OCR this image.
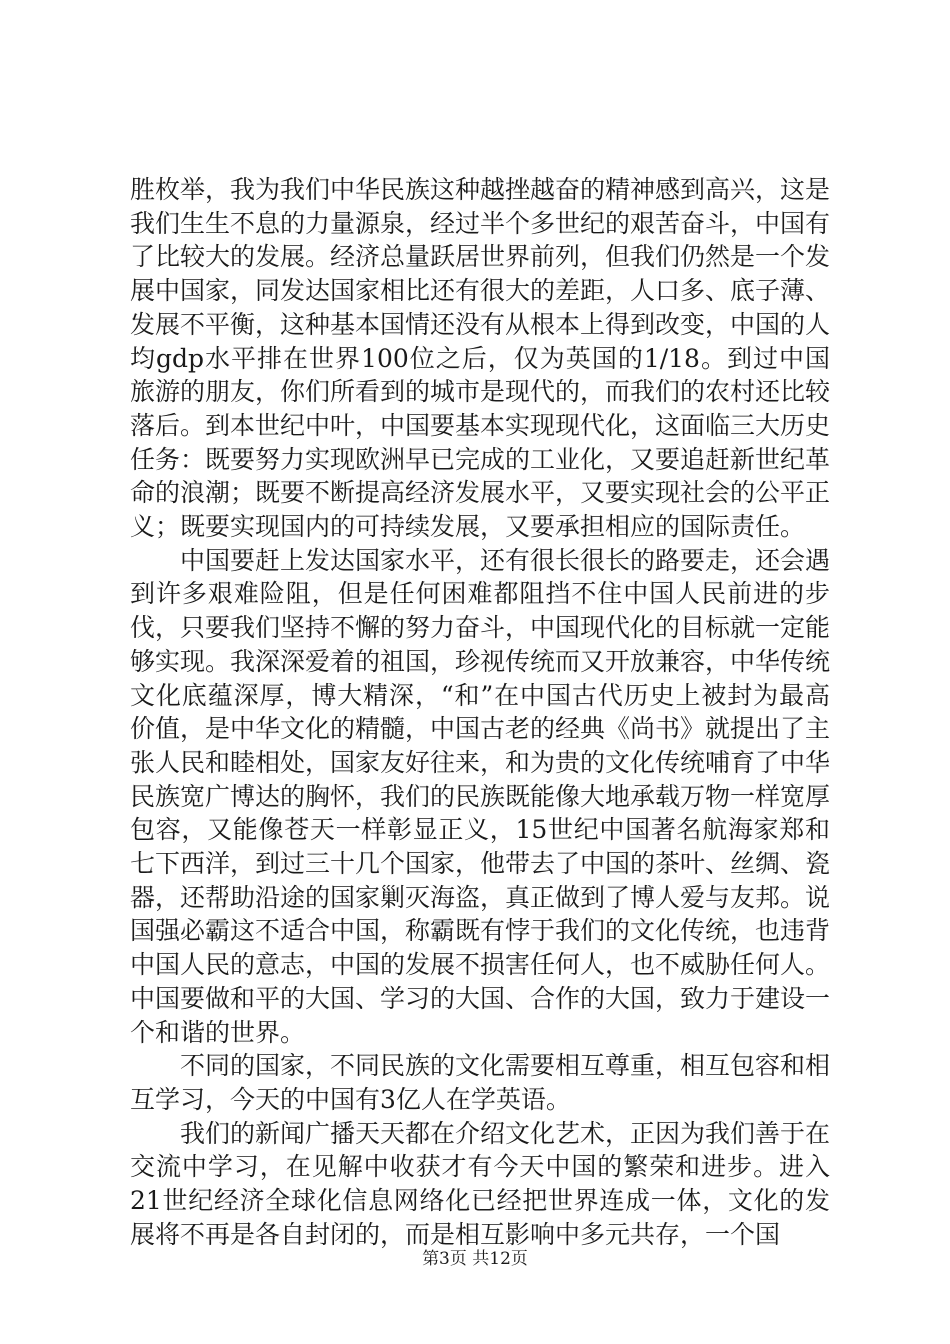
胜枚举，我为我们中华民族这种越挫越奋的精神感到高兴，这是我们生生不息的力量源泉，经过半个多世纪的艰苦奋斗，中国有了比较大的发展。经济总量跃居世界前列，但我们仍然是一个发展中国家，同发达国家相比还有很大的差距，人口多、底子薄、发展不平衡，这种基本国情还没有从根本上得到改变，中国的人均gdp水平排在世界100位之后，仅为英国的1/18。到过中国旅游的朋友，你们所看到的城市是现代的，而我们的农村还比较落后。到本世纪中叶，中国要基本实现现代化，这面临三大历史任务：既要努力实现欧洲早已完成的工业化，又要追赶新世纪革命的浪潮；既要不断提高经济发展水平，又要实现社会的公平正义；既要实现国内的可持续发展，又要承担相应的国际责任。

中国要赶上发达国家水平，还有很长很长的路要走，还会遇到许多艰难险阻，但是任何困难都阻挡不住中国人民前进的步伐，只要我们坚持不懈的努力奋斗，中国现代化的目标就一定能够实现。我深深爱着的祖国，珍视传统而又开放兼容，中华传统文化底蕴深厚，博大精深，“和”在中国古代历史上被封为最高价值，是中华文化的精髓，中国古老的经典《尚书》就提出了主张人民和睦相处，国家友好往来，和为贵的文化传统哺育了中华民族宽广博达的胸怀，我们的民族既能像大地承载万物一样宽厚包容，又能像苍天一样彰显正义，15世纪中国著名航海家郑和七下西洋，到过三十几个国家，他带去了中国的茶叶、丝绸、瓷器，还帮助沿途的国家剿灭海盗，真正做到了博人爱与友邦。说国强必霸这不适合中国，称霸既有悖于我们的文化传统，也违背中国人民的意志，中国的发展不损害任何人，也不威胁任何人。中国要做和平的大国、学习的大国、合作的大国，致力于建设一个和谐的世界。

不同的国家，不同民族的文化需要相互尊重，相互包容和相互学习，今天的中国有3亿人在学英语。

我们的新闻广播天天都在介绍文化艺术，正因为我们善于在交流中学习，在见解中收获才有今天中国的繁荣和进步。进入21世纪经济全球化信息网络化已经把世界连成一体，文化的发展将不再是各自封闭的，而是相互影响中多元共存，一个国

第3页 共12页
